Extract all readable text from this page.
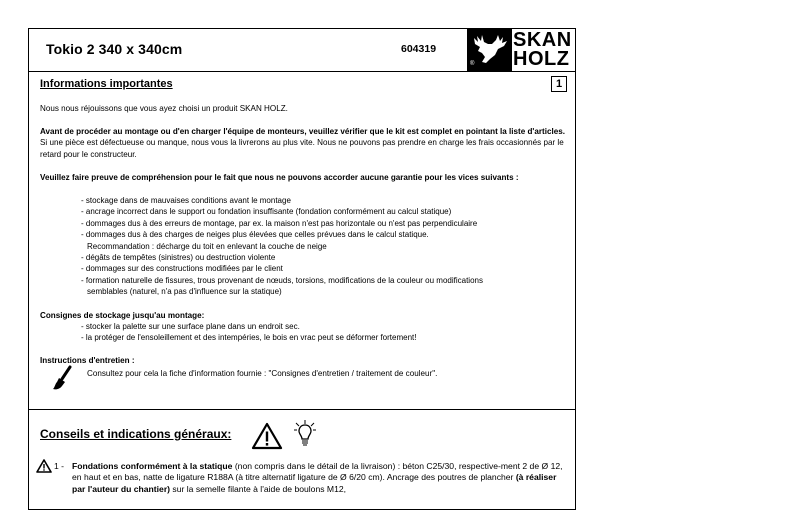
Tokio 2 340 x 340cm	604319	SKAN
HOLZ
®
Informations importantes	1
Nous nous réjouissons que vous ayez choisi un produit SKAN HOLZ.
Avant de procéder au montage ou d'en charger l'équipe de monteurs, veuillez vérifier que le kit est complet en pointant la liste d'articles. Si une pièce est défectueuse ou manque, nous vous la livrerons au plus vite. Nous ne pouvons pas prendre en charge les frais occasionnés par le retard pour le constructeur.
Veuillez faire preuve de compréhension pour le fait que nous ne pouvons accorder aucune garantie pour les vices suivants :
- stockage dans de mauvaises conditions avant le montage
- ancrage incorrect dans le support ou fondation insuffisante (fondation conformément au calcul statique)
- dommages dus à des erreurs de montage, par ex. la maison n'est pas horizontale ou n'est pas perpendiculaire
- dommages dus à des charges de neiges plus élevées que celles prévues dans le calcul statique.
Recommandation : décharge du toit en enlevant la couche de neige
- dégâts de tempêtes (sinistres) ou destruction violente
- dommages sur des constructions modifiées par le client
- formation naturelle de fissures, trous provenant de nœuds, torsions, modifications de la couleur ou modifications
semblables (naturel, n'a pas d'influence sur la statique)
Consignes de stockage jusqu'au montage:
- stocker la palette sur une surface plane dans un endroit sec.
- la protéger de l'ensoleillement et des intempéries, le bois en vrac peut se déformer fortement!
Instructions d'entretien :
Consultez pour cela la fiche d'information fournie : "Consignes d'entretien / traitement de couleur".
Conseils et indications généraux:
1 - Fondations conformément à la statique (non compris dans le détail de la livraison) : béton C25/30, respective-ment 2 de Ø 12, en haut et en bas, natte de ligature R188A (à titre alternatif ligature de Ø 6/20 cm). Ancrage des poutres de plancher (à réaliser par l'auteur du chantier) sur la semelle filante à l'aide de boulons M12,
